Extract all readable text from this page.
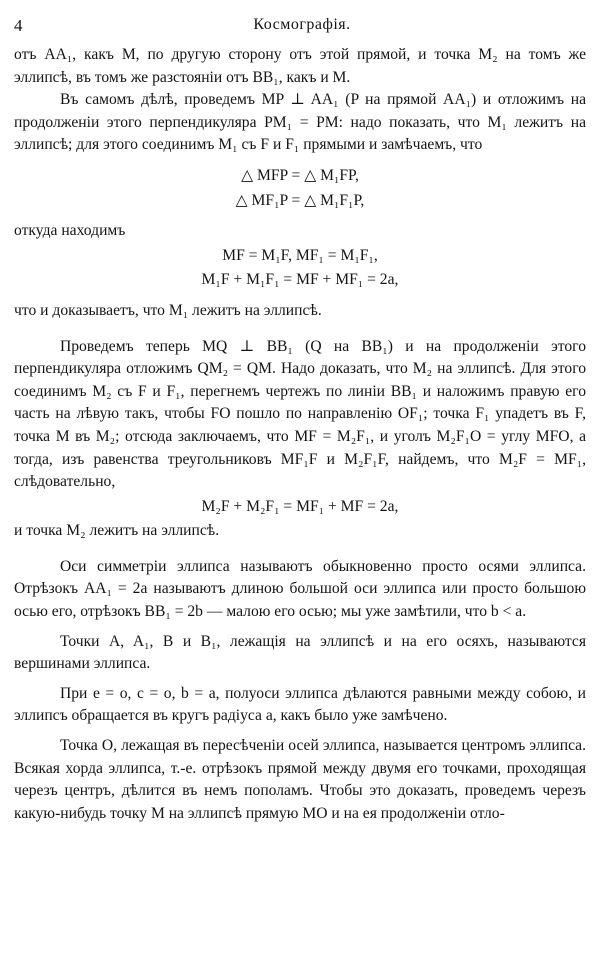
4	Космографія.

отъ AA₁, какъ M, по другую сторону отъ этой прямой, и точка M₂ на томъ же эллипсѣ, въ томъ же разстояніи отъ BB₁, какъ и M.

Въ самомъ дѣлѣ, проведемъ MP ⊥ AA₁ (P на прямой AA₁) и отложимъ на продолженіи этого перпендикуляра PM₁ = PM: надо показать, что M₁ лежитъ на эллипсѣ; для этого соединимъ M₁ съ F и F₁ прямыми и замѣчаемъ, что

△ MFP = △ M₁FP,
△ MF₁P = △ M₁F₁P,

откуда находимъ

MF = M₁F, MF₁ = M₁F₁,
M₁F + M₁F₁ = MF + MF₁ = 2a,

что и доказываетъ, что M₁ лежитъ на эллипсѣ.

Проведемъ теперь MQ ⊥ BB₁ (Q на BB₁) и на продолженіи этого перпендикуляра отложимъ QM₂ = QM. Надо доказать, что M₂ на эллипсѣ. Для этого соединимъ M₂ съ F и F₁, перегнемъ чертежъ по линіи BB₁ и наложимъ правую его часть на лѣвую такъ, чтобы FO пошло по направленію OF₁; точка F₁ упадетъ въ F, точка M въ M₂; отсюда заключаемъ, что MF = M₂F₁, и уголъ M₂F₁O = углу MFO, а тогда, изъ равенства треугольниковъ MF₁F и M₂F₁F, найдемъ, что M₂F = MF₁, слѣдовательно,

M₂F + M₂F₁ = MF₁ + MF = 2a,

и точка M₂ лежитъ на эллипсѣ.

Оси симметріи эллипса называютъ обыкновенно просто осями эллипса. Отрѣзокъ AA₁ = 2a называютъ длиною большой оси эллипса или просто большою осью его, отрѣзокъ BB₁ = 2b — малою его осью; мы уже замѣтили, что b < a.

Точки A, A₁, B и B₁, лежащія на эллипсѣ и на его осяхъ, называются вершинами эллипса.

При e = o, c = o, b = a, полуоси эллипса дѣлаются равными между собою, и эллипсъ обращается въ кругъ радіуса a, какъ было уже замѣчено.

Точка O, лежащая въ пересѣченіи осей эллипса, называется центромъ эллипса. Всякая хорда эллипса, т.-е. отрѣзокъ прямой между двумя его точками, проходящая черезъ центръ, дѣлится въ немъ пополамъ. Чтобы это доказать, проведемъ черезъ какую-нибудь точку M на эллипсѣ прямую MO и на ея продолженіи отло-
